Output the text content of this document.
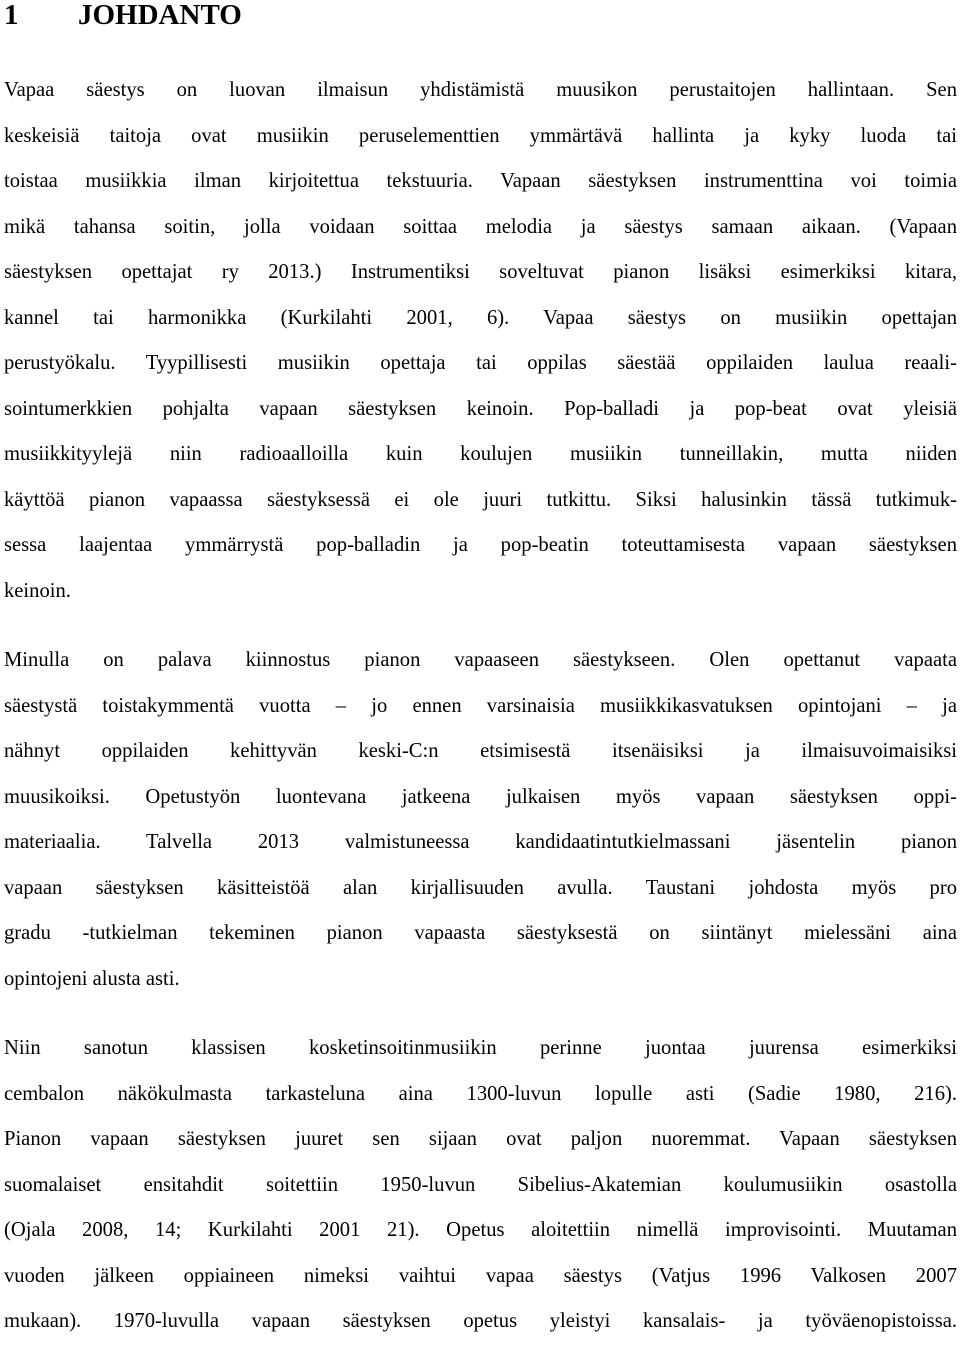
1 JOHDANTO
Vapaa säestys on luovan ilmaisun yhdistämistä muusikon perustaitojen hallintaan. Sen
keskeisiä taitoja ovat musiikin peruselementtien ymmärtävä hallinta ja kyky luoda tai
toistaa musiikkia ilman kirjoitettua tekstuuria. Vapaan säestyksen instrumenttina voi toimia
mikä tahansa soitin, jolla voidaan soittaa melodia ja säestys samaan aikaan. (Vapaan
säestyksen opettajat ry 2013.) Instrumentiksi soveltuvat pianon lisäksi esimerkiksi kitara,
kannel tai harmonikka (Kurkilahti 2001, 6). Vapaa säestys on musiikin opettajan
perustyökalu. Tyypillisesti musiikin opettaja tai oppilas säestää oppilaiden laulua reaali-
sointumerkkien pohjalta vapaan säestyksen keinoin. Pop-balladi ja pop-beat ovat yleisiä
musiikkityylejä niin radioaalloilla kuin koulujen musiikin tunneillakin, mutta niiden
käyttöä pianon vapaassa säestyksessä ei ole juuri tutkittu. Siksi halusinkin tässä tutkimuk-
sessa laajentaa ymmärrystä pop-balladin ja pop-beatin toteuttamisesta vapaan säestyksen
keinoin.
Minulla on palava kiinnostus pianon vapaaseen säestykseen. Olen opettanut vapaata
säestystä toistakymmentä vuotta – jo ennen varsinaisia musiikkikasvatuksen opintojani – ja
nähnyt oppilaiden kehittyvän keski-C:n etsimisestä itsenäisiksi ja ilmaisuvoimaisiksi
muusikoiksi. Opetustyön luontevana jatkeena julkaisen myös vapaan säestyksen oppi-
materiaalia. Talvella 2013 valmistuneessa kandidaatintutkielmassani jäsentelin pianon
vapaan säestyksen käsitteistöä alan kirjallisuuden avulla. Taustani johdosta myös pro
gradu -tutkielman tekeminen pianon vapaasta säestyksestä on siintänyt mielessäni aina
opintojeni alusta asti.
Niin sanotun klassisen kosketinsoitinmusiikin perinne juontaa juurensa esimerkiksi
cembalon näkökulmasta tarkasteluna aina 1300-luvun lopulle asti (Sadie 1980, 216).
Pianon vapaan säestyksen juuret sen sijaan ovat paljon nuoremmat. Vapaan säestyksen
suomalaiset ensitahdit soitettiin 1950-luvun Sibelius-Akatemian koulumusiikin osastolla
(Ojala 2008, 14; Kurkilahti 2001 21). Opetus aloitettiin nimellä improvisointi. Muutaman
vuoden jälkeen oppiaineen nimeksi vaihtui vapaa säestys (Vatjus 1996 Valkosen 2007
mukaan). 1970-luvulla vapaan säestyksen opetus yleistyi kansalais- ja työväenopistoissa.
